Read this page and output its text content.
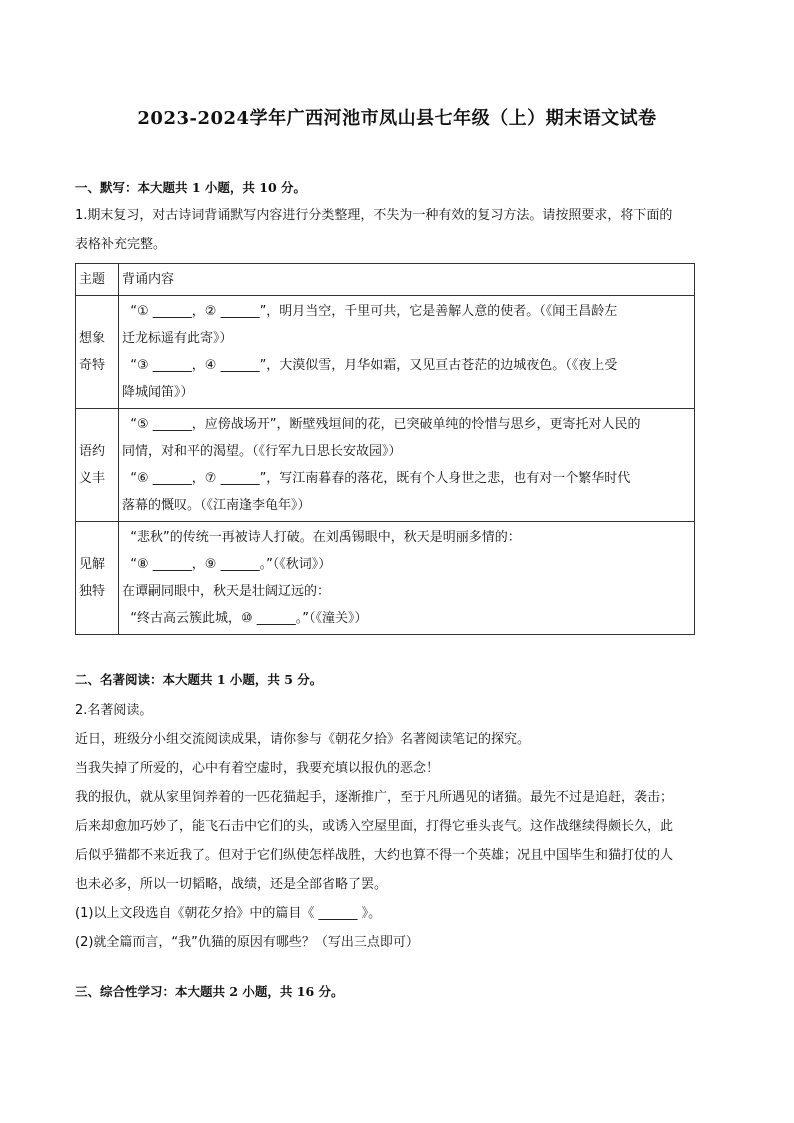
2023-2024学年广西河池市凤山县七年级（上）期末语文试卷
一、默写：本大题共 1 小题，共 10 分。
1.期末复习，对古诗词背诵默写内容进行分类整理，不失为一种有效的复习方法。请按照要求，将下面的
表格补充完整。
主题	背诵内容
想象
奇特	“① ______，② ______”，明月当空，千里可共，它是善解人意的使者。（《闻王昌龄左
迁龙标遥有此寄》）
“③ ______，④ ______”，大漠似雪，月华如霜，又见亘古苍茫的边城夜色。（《夜上受
降城闻笛》）

语约
义丰	“⑤ ______，应傍战场开”，断壁残垣间的花，已突破单纯的怜惜与思乡，更寄托对人民的
同情，对和平的渴望。（《行军九日思长安故园》）
“⑥ ______，⑦ ______”，写江南暮春的落花，既有个人身世之悲，也有对一个繁华时代
落幕的慨叹。（《江南逢李龟年》）

见解
独特	“悲秋”的传统一再被诗人打破。在刘禹锡眼中，秋天是明丽多情的：
“⑧ ______，⑨ ______。”（《秋词》）
在谭嗣同眼中，秋天是壮阔辽远的：
“终古高云簇此城，⑩ ______。”（《潼关》）
二、名著阅读：本大题共 1 小题，共 5 分。
2.名著阅读。
近日，班级分小组交流阅读成果，请你参与《朝花夕拾》名著阅读笔记的探究。
当我失掉了所爱的，心中有着空虚时，我要充填以报仇的恶念！
我的报仇，就从家里饲养着的一匹花猫起手，逐渐推广，至于凡所遇见的诸猫。最先不过是追赶，袭击；
后来却愈加巧妙了，能飞石击中它们的头，或诱入空屋里面，打得它垂头丧气。这作战继续得颇长久，此
后似乎猫都不来近我了。但对于它们纵使怎样战胜，大约也算不得一个英雄；况且中国毕生和猫打仗的人
也未必多，所以一切韬略，战绩，还是全部省略了罢。
(1)以上文段选自《朝花夕拾》中的篇目《 ______ 》。
(2)就全篇而言，“我”仇猫的原因有哪些？（写出三点即可）
三、综合性学习：本大题共 2 小题，共 16 分。
